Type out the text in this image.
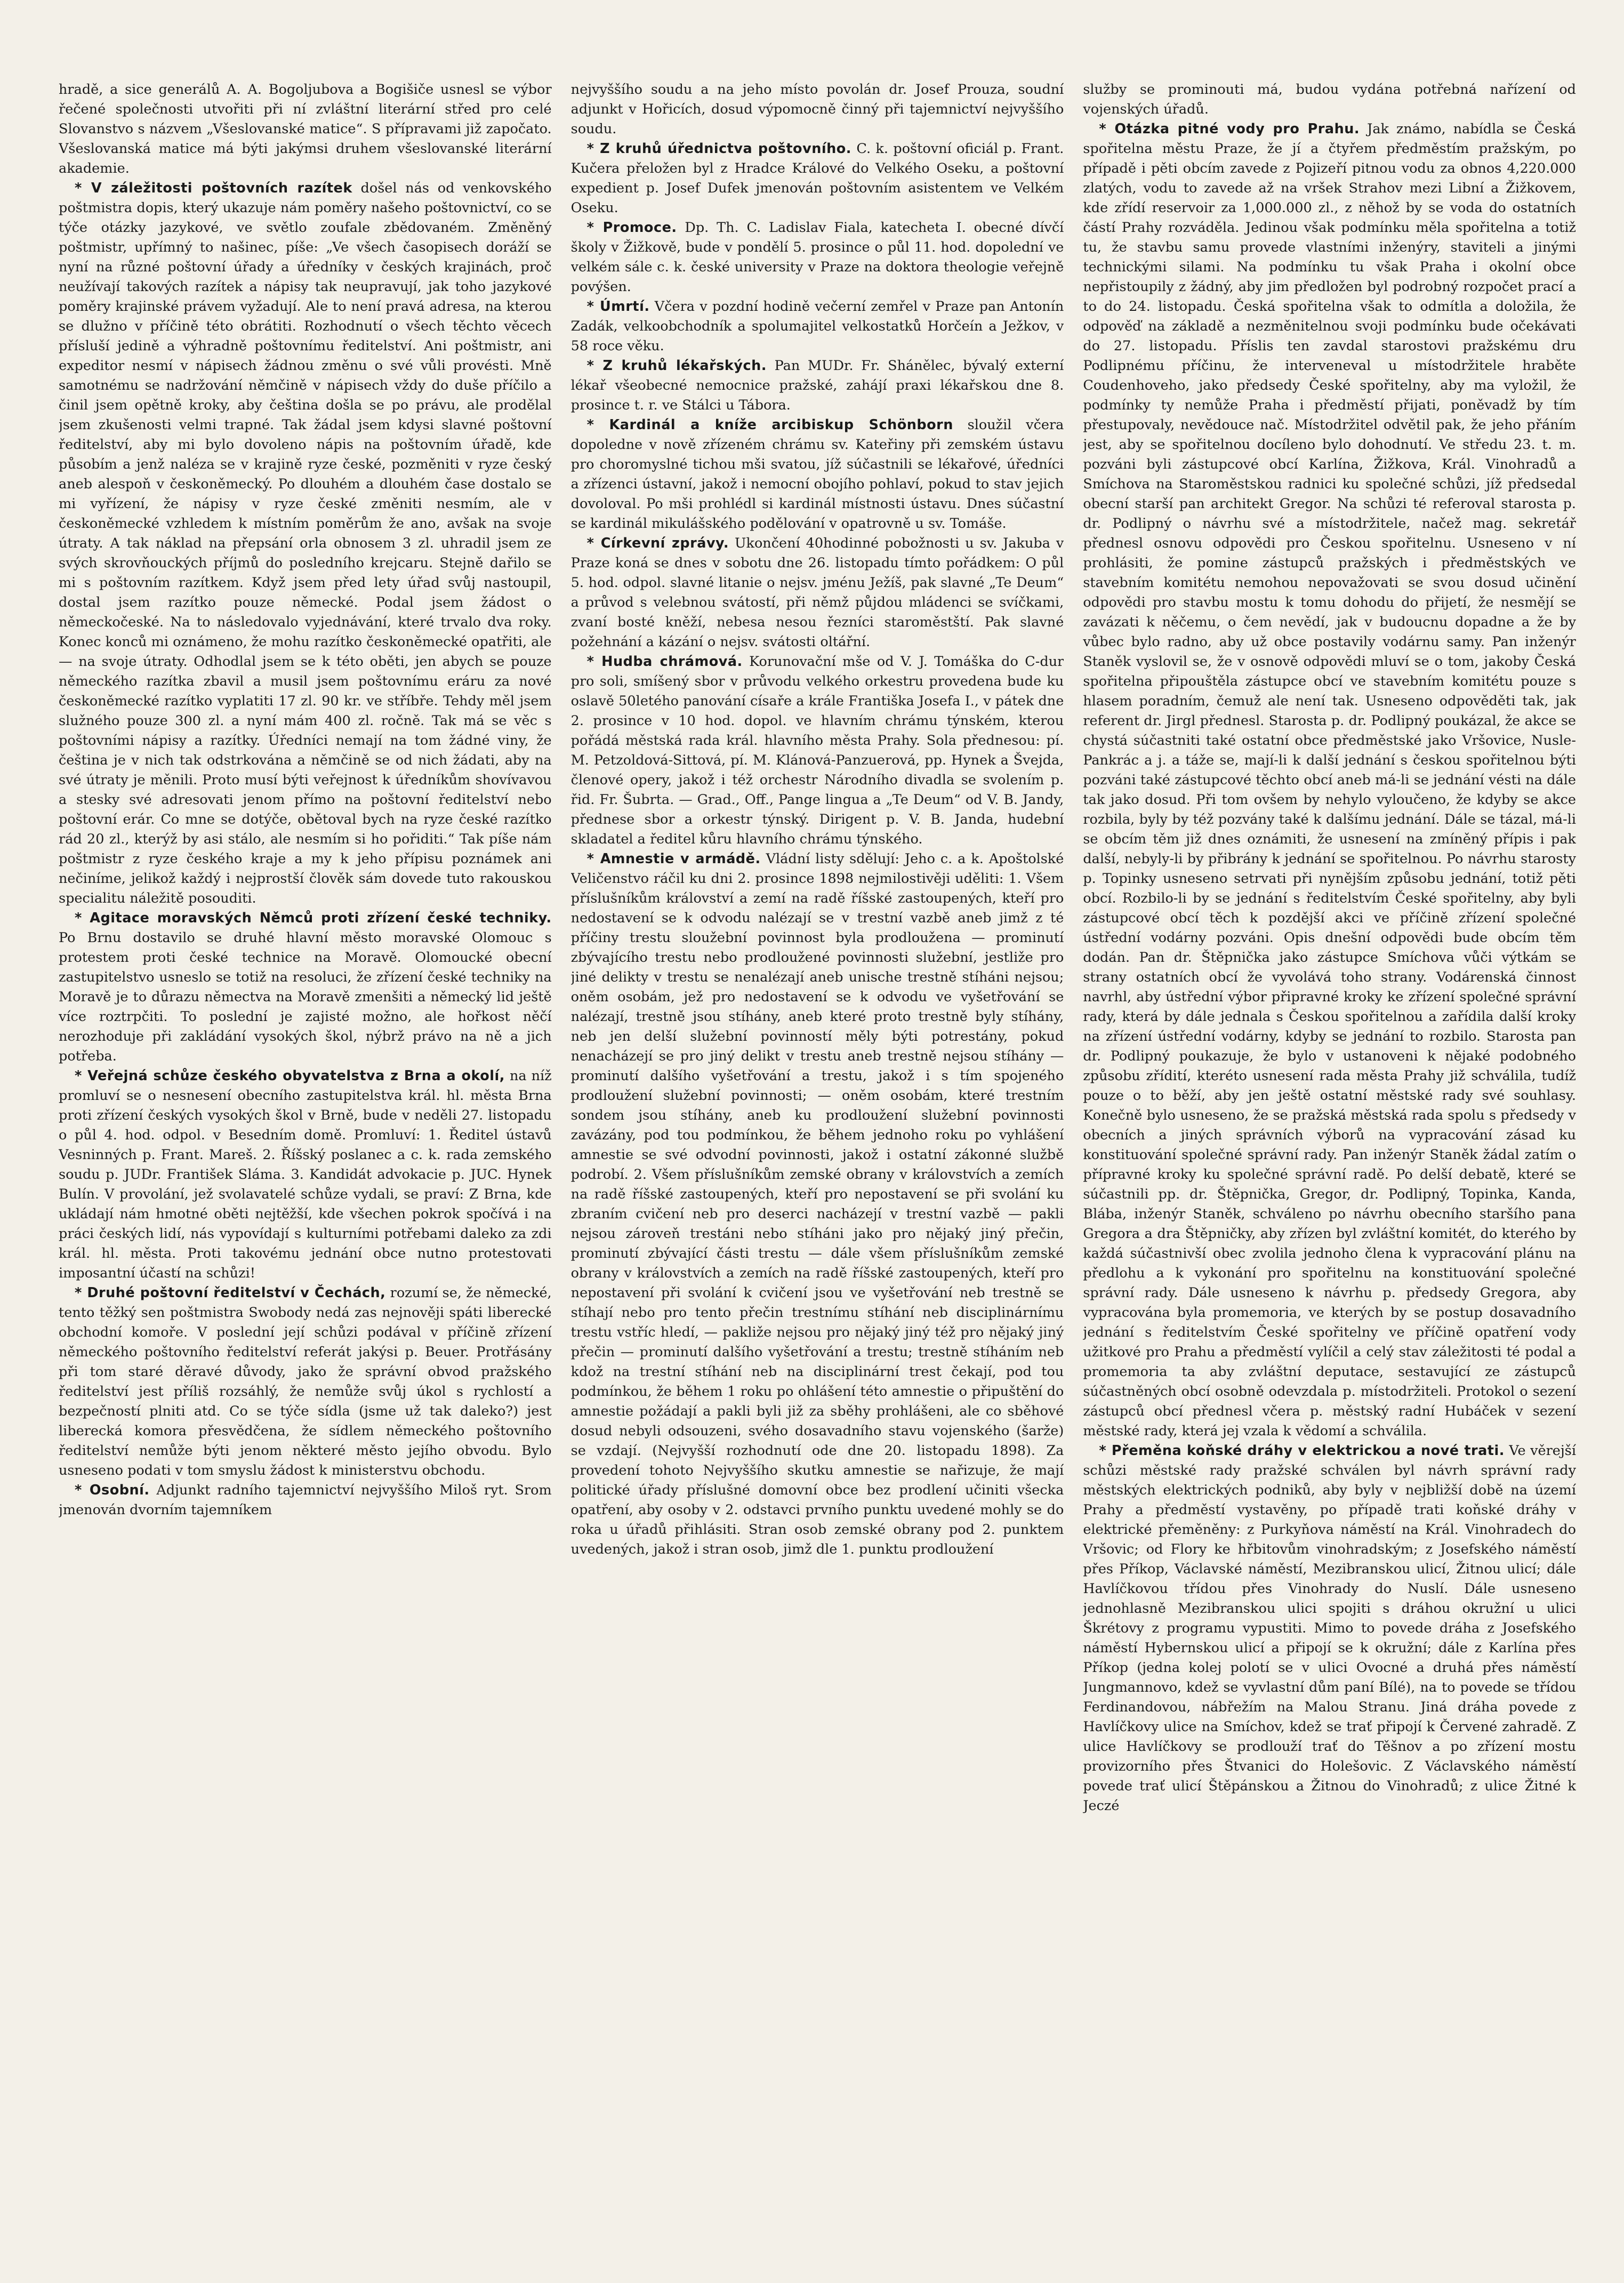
hradě, a sice generálů A. A. Bogoljubova a Bogišiče usnesl se výbor řečené společnosti utvořiti při ní zvláštní literární střed pro celé Slovanstvo s názvem „Všeslovanské matice“. S přípravami již započato. Všeslovanská matice má býti jakýmsi druhem všeslovanské literární akademie.

* V záležitosti poštovních razítek došel nás od venkovského poštmistra dopis, který ukazuje nám poměry našeho poštovnictví, co se týče otázky jazykové, ve světlo zoufale zbědovaném. Změněný poštmistr, upřímný to našinec, píše: „Ve všech časopisech doráží se nyní na různé poštovní úřady a úředníky v českých krajinách, proč neužívají takových razítek a nápisy tak neupravují, jak toho jazykové poměry krajinské právem vyžadují. Ale to není pravá adresa, na kterou se dlužno v příčině této obrátiti. Rozhodnutí o všech těchto věcech přísluší jedině a výhradně poštovnímu ředitelství. Ani poštmistr, ani expeditor nesmí v nápisech žádnou změnu o své vůli provésti. Mně samotnému se nadržování němčině v nápisech vždy do duše příčilo a činil jsem opětně kroky, aby čeština došla se po právu, ale prodělal jsem zkušenosti velmi trapné. Tak žádal jsem kdysi slavné poštovní ředitelství, aby mi bylo dovoleno nápis na poštovním úřadě, kde působím a jenž naléza se v krajině ryze české, pozměniti v ryze český aneb alespoň v českoněmecký. Po dlouhém a dlouhém čase dostalo se mi vyřízení, že nápisy v ryze české změniti nesmím, ale v českoněmecké vzhledem k místním poměrům že ano, avšak na svoje útraty. A tak náklad na přepsání orla obnosem 3 zl. uhradil jsem ze svých skrovňouckých příjmů do posledního krejcaru. Stejně dařilo se mi s poštovním razítkem. Když jsem před lety úřad svůj nastoupil, dostal jsem razítko pouze německé. Podal jsem žádost o německočeské. Na to následovalo vyjednávání, které trvalo dva roky. Konec konců mi oznámeno, že mohu razítko českoněmecké opatřiti, ale — na svoje útraty. Odhodlal jsem se k této oběti, jen abych se pouze německého razítka zbavil a musil jsem poštovnímu eráru za nové českoněmecké razítko vyplatiti 17 zl. 90 kr. ve stříbře. Tehdy měl jsem služného pouze 300 zl. a nyní mám 400 zl. ročně. Tak má se věc s poštovními nápisy a razítky. Úředníci nemají na tom žádné viny, že čeština je v nich tak odstrkována a němčině se od nich žádati, aby na své útraty je měnili. Proto musí býti veřejnost k úředníkům shovívavou a stesky své adresovati jenom přímo na poštovní ředitelství nebo poštovní erár. Co mne se dotýče, obětoval bych na ryze české razítko rád 20 zl., kterýž by asi stálo, ale nesmím si ho pořiditi.“ Tak píše nám poštmistr z ryze českého kraje a my k jeho přípisu poznámek ani nečiníme, jelikož každý i nejprostší člověk sám dovede tuto rakouskou specialitu náležitě posouditi.

* Agitace moravských Němců proti zřízení české techniky. Po Brnu dostavilo se druhé hlavní město moravské Olomouc s protestem proti české technice na Moravě. Olomoucké obecní zastupitelstvo usneslo se totiž na resoluci, že zřízení české techniky na Moravě je to důrazu němectva na Moravě zmenšiti a německý lid ještě více roztrpčiti. To poslední je zajisté možno, ale hořkost něčí nerozhoduje při zakládání vysokých škol, nýbrž právo na ně a jich potřeba.

* Veřejná schůze českého obyvatelstva z Brna a okolí, na níž promluví se o nesnesení obecního zastupitelstva král. hl. města Brna proti zřízení českých vysokých škol v Brně, bude v neděli 27. listopadu o půl 4. hod. odpol. v Besedním domě. Promluví: 1. Ředitel ústavů Vesninných p. Frant. Mareš. 2. Říšský poslanec a c. k. rada zemského soudu p. JUDr. František Sláma. 3. Kandidát advokacie p. JUC. Hynek Bulín. V provolání, jež svolavatelé schůze vydali, se praví: Z Brna, kde ukládají nám hmotné oběti nejtěžší, kde všechen pokrok spočívá i na práci českých lidí, nás vypovídají s kulturními potřebami daleko za zdi král. hl. města. Proti takovému jednání obce nutno protestovati imposantní účastí na schůzi!

* Druhé poštovní ředitelství v Čechách, rozumí se, že německé, tento těžký sen poštmistra Swobody nedá zas nejnověji spáti liberecké obchodní komoře. V poslední její schůzi podával v příčině zřízení německého poštovního ředitelství referát jakýsi p. Beuer. Protřásány při tom staré děravé důvody, jako že správní obvod pražského ředitelství jest příliš rozsáhlý, že nemůže svůj úkol s rychlostí a bezpečností plniti atd. Co se týče sídla (jsme už tak daleko?) jest liberecká komora přesvědčena, že sídlem německého poštovního ředitelství nemůže býti jenom některé město jejího obvodu. Bylo usneseno podati v tom smyslu žádost k ministerstvu obchodu.

* Osobní. Adjunkt radního tajemnictví nejvyššího Miloš ryt. Srom jmenován dvorním tajemníkem

nejvyššího soudu a na jeho místo povolán dr. Josef Prouza, soudní adjunkt v Hořicích, dosud výpomocně činný při tajemnictví nejvyššího soudu.

* Z kruhů úřednictva poštovního. C. k. poštovní oficiál p. Frant. Kučera přeložen byl z Hradce Králové do Velkého Oseku, a poštovní expedient p. Josef Dufek jmenován poštovním asistentem ve Velkém Oseku.

* Promoce. Dp. Th. C. Ladislav Fiala, katecheta I. obecné dívčí školy v Žižkově, bude v pondělí 5. prosince o půl 11. hod. dopolední ve velkém sále c. k. české university v Praze na doktora theologie veřejně povýšen.

* Úmrtí. Včera v pozdní hodině večerní zemřel v Praze pan Antonín Zadák, velkoobchodník a spolumajitel velkostatků Horčeín a Ježkov, v 58 roce věku.

* Z kruhů lékařských. Pan MUDr. Fr. Shánělec, bývalý externí lékař všeobecné nemocnice pražské, zahájí praxi lékařskou dne 8. prosince t. r. ve Stálci u Tábora.

* Kardinál a kníže arcibiskup Schönborn sloužil včera dopoledne v nově zřízeném chrámu sv. Kateřiny při zemském ústavu pro choromyslné tichou mši svatou, jíž súčastnili se lékařové, úředníci a zřízenci ústavní, jakož i nemocní obojího pohlaví, pokud to stav jejich dovoloval. Po mši prohlédl si kardinál místnosti ústavu. Dnes súčastní se kardinál mikulášského podělování v opatrovně u sv. Tomáše.

* Církevní zprávy. Ukončení 40hodinné pobožnosti u sv. Jakuba v Praze koná se dnes v sobotu dne 26. listopadu tímto pořádkem: O půl 5. hod. odpol. slavné litanie o nejsv. jménu Ježíš, pak slavné „Te Deum“ a průvod s velebnou svátostí, při němž půjdou mládenci se svíčkami, zvaní bosté kněží, nebesa nesou řezníci staroměstští. Pak slavné požehnání a kázání o nejsv. svátosti oltářní.

* Hudba chrámová. Korunovační mše od V. J. Tomáška do C-dur pro soli, smíšený sbor v průvodu velkého orkestru provedena bude ku oslavě 50letého panování císaře a krále Františka Josefa I., v pátek dne 2. prosince v 10 hod. dopol. ve hlavním chrámu týnském, kterou pořádá městská rada král. hlavního města Prahy. Sola přednesou: pí. M. Petzoldová-Sittová, pí. M. Klánová-Panzuerová, pp. Hynek a Švejda, členové opery, jakož i též orchestr Národního divadla se svolením p. řid. Fr. Šubrta. — Grad., Off., Pange lingua a „Te Deum“ od V. B. Jandy, přednese sbor a orkestr týnský. Dirigent p. V. B. Janda, hudební skladatel a ředitel kůru hlavního chrámu týnského.

* Amnestie v armádě. Vládní listy sdělují: Jeho c. a k. Apoštolské Veličenstvo ráčil ku dni 2. prosince 1898 nejmilostivěji uděliti: 1. Všem příslušníkům království a zemí na radě říšské zastoupených, kteří pro nedostavení se k odvodu nalézají se v trestní vazbě aneb jimž z té příčiny trestu sloužební povinnost byla prodloužena — prominutí zbývajícího trestu nebo prodloužené povinnosti služební, jestliže pro jiné delikty v trestu se nenalézají aneb unische trestně stíháni nejsou; oněm osobám, jež pro nedostavení se k odvodu ve vyšetřování se nalézají, trestně jsou stíhány, aneb které proto trestně byly stíhány, neb jen delší služební povinností měly býti potrestány, pokud nenacházejí se pro jiný delikt v trestu aneb trestně nejsou stíhány — prominutí dalšího vyšetřování a trestu, jakož i s tím spojeného prodloužení služební povinnosti; — oněm osobám, které trestním sondem jsou stíhány, aneb ku prodloužení služební povinnosti zavázány, pod tou podmínkou, že během jednoho roku po vyhlášení amnestie se své odvodní povinnosti, jakož i ostatní zákonné službě podrobí. 2. Všem příslušníkům zemské obrany v královstvích a zemích na radě říšské zastoupených, kteří pro nepostavení se při svolání ku zbraním cvičení neb pro deserci nacházejí v trestní vazbě — pakli nejsou zároveň trestáni nebo stíháni jako pro nějaký jiný přečin, prominutí zbývající části trestu — dále všem příslušníkům zemské obrany v královstvích a zemích na radě říšské zastoupených, kteří pro nepostavení při svolání k cvičení jsou ve vyšetřování neb trestně se stíhají nebo pro tento přečin trestnímu stíhání neb disciplinárnímu trestu vstříc hledí, — pakliže nejsou pro nějaký jiný též pro nějaký jiný přečin — prominutí dalšího vyšetřování a trestu; trestně stíháním neb kdož na trestní stíhání neb na disciplinární trest čekají, pod tou podmínkou, že během 1 roku po ohlášení této amnestie o připuštění do amnestie požádají a pakli byli již za sběhy prohlášeni, ale co sběhové dosud nebyli odsouzeni, svého dosavadního stavu vojenského (šarže) se vzdají. (Nejvyšší rozhodnutí ode dne 20. listopadu 1898). Za provedení tohoto Nejvyššího skutku amnestie se nařizuje, že mají politické úřady příslušné domovní obce bez prodlení učiniti všecka opatření, aby osoby v 2. odstavci prvního punktu uvedené mohly se do roka u úřadů přihlásiti. Stran osob zemské obrany pod 2. punktem uvedených, jakož i stran osob, jimž dle 1. punktu prodloužení

služby se prominouti má, budou vydána potřebná nařízení od vojenských úřadů.

* Otázka pitné vody pro Prahu. Jak známo, nabídla se Česká spořitelna městu Praze, že jí a čtyřem předměstím pražským, po případě i pěti obcím zavede z Pojizeří pitnou vodu za obnos 4,220.000 zlatých, vodu to zavede až na vršek Strahov mezi Libní a Žižkovem, kde zřídí reservoir za 1,000.000 zl., z něhož by se voda do ostatních částí Prahy rozváděla. Jedinou však podmínku měla spořitelna a totiž tu, že stavbu samu provede vlastními inženýry, staviteli a jinými technickými silami. Na podmínku tu však Praha i okolní obce nepřistoupily z žádný, aby jim předložen byl podrobný rozpočet prací a to do 24. listopadu. Česká spořitelna však to odmítla a doložila, že odpověď na základě a nezměnitelnou svoji podmínku bude očekávati do 27. listopadu. Příslis ten zavdal starostovi pražskému dru Podlipnému příčinu, že interveneval u místodržitele hraběte Coudenhoveho, jako předsedy České spořitelny, aby ma vyložil, že podmínky ty nemůže Praha i předměstí přijati, poněvadž by tím přestupovaly, nevědouce nač. Místodržitel odvětil pak, že jeho přáním jest, aby se spořitelnou docíleno bylo dohodnutí. Ve středu 23. t. m. pozváni byli zástupcové obcí Karlína, Žižkova, Král. Vinohradů a Smíchova na Staroměstskou radnici ku společné schůzi, jíž předsedal obecní starší pan architekt Gregor. Na schůzi té referoval starosta p. dr. Podlipný o návrhu své a místodržitele, načež mag. sekretář přednesl osnovu odpovědi pro Českou spořitelnu. Usneseno v ní prohlásiti, že pomine zástupců pražských i předměstských ve stavebním komitétu nemohou nepovažovati se svou dosud učinění odpovědi pro stavbu mostu k tomu dohodu do přijetí, že nesmějí se zavázati k něčemu, o čem nevědí, jak v budoucnu dopadne a že by vůbec bylo radno, aby už obce postavily vodárnu samy. Pan inženýr Staněk vyslovil se, že v osnově odpovědi mluví se o tom, jakoby Česká spořitelna připouštěla zástupce obcí ve stavebním komitétu pouze s hlasem poradním, čemuž ale není tak. Usneseno odpověděti tak, jak referent dr. Jirgl přednesl. Starosta p. dr. Podlipný poukázal, že akce se chystá súčastniti také ostatní obce předměstské jako Vršovice, Nusle-Pankrác a j. a táže se, mají-li k další jednání s českou spořitelnou býti pozváni také zástupcové těchto obcí aneb má-li se jednání vésti na dále tak jako dosud. Při tom ovšem by nehylo vyloučeno, že kdyby se akce rozbila, byly by též pozvány také k dalšímu jednání. Dále se tázal, má-li se obcím těm již dnes oznámiti, že usnesení na zmíněný přípis i pak další, nebyly-li by přibrány k jednání se spořitelnou. Po návrhu starosty p. Topinky usneseno setrvati při nynějším způsobu jednání, totiž pěti obcí. Rozbilo-li by se jednání s ředitelstvím České spořitelny, aby byli zástupcové obcí těch k pozdější akci ve příčině zřízení společné ústřední vodárny pozváni. Opis dnešní odpovědi bude obcím těm dodán. Pan dr. Štěpnička jako zástupce Smíchova vůči výtkám se strany ostatních obcí že vyvolává toho strany. Vodárenská činnost navrhl, aby ústřední výbor připravné kroky ke zřízení společné správní rady, která by dále jednala s Českou spořitelnou a zařídila další kroky na zřízení ústřední vodárny, kdyby se jednání to rozbilo. Starosta pan dr. Podlipný poukazuje, že bylo v ustanoveni k nějaké podobného způsobu zřídití, kteréto usnesení rada města Prahy již schválila, tudíž pouze o to běží, aby jen ještě ostatní městské rady své souhlasy. Konečně bylo usneseno, že se pražská městská rada spolu s předsedy v obecních a jiných správních výborů na vypracování zásad ku konstituování společné správní rady. Pan inženýr Staněk žádal zatím o přípravné kroky ku společné správní radě. Po delší debatě, které se súčastnili pp. dr. Štěpnička, Gregor, dr. Podlipný, Topinka, Kanda, Blába, inženýr Staněk, schváleno po návrhu obecního staršího pana Gregora a dra Štěpničky, aby zřízen byl zvláštní komitét, do kterého by každá súčastnivší obec zvolila jednoho člena k vypracování plánu na předlohu a k vykonání pro spořitelnu na konstituování společné správní rady. Dále usneseno k návrhu p. předsedy Gregora, aby vypracována byla promemoria, ve kterých by se postup dosavadního jednání s ředitelstvím České spořitelny ve příčině opatření vody užitkové pro Prahu a předměstí vylíčil a celý stav záležitosti té podal a promemoria ta aby zvláštní deputace, sestavující ze zástupců súčastněných obcí osobně odevzdala p. místodržiteli. Protokol o sezení zástupců obcí přednesl včera p. městský radní Hubáček v sezení městské rady, která jej vzala k vědomí a schválila.

* Přeměna koňské dráhy v elektrickou a nové trati. Ve věrejší schůzi městské rady pražské schválen byl návrh správní rady městských elektrických podniků, aby byly v nejbližší době na území Prahy a předměstí vystavěny, po případě trati koňské dráhy v elektrické přeměněny: z Purkyňova náměstí na Král. Vinohradech do Vršovic; od Flory ke hřbitovům vinohradským; z Josefského náměstí přes Příkop, Václavské náměstí, Mezibranskou ulicí, Žitnou ulicí; dále Havlíčkovou třídou přes Vinohrady do Nuslí. Dále usneseno jednohlasně Mezibranskou ulici spojiti s dráhou okružní u ulici Škrétovy z programu vypustiti. Mimo to povede dráha z Josefského náměstí Hybernskou ulicí a připojí se k okružní; dále z Karlína přes Příkop (jedna kolej polotí se v ulici Ovocné a druhá přes náměstí Jungmannovo, kdež se vyvlastní dům paní Bílé), na to povede se třídou Ferdinandovou, nábřežím na Malou Stranu. Jiná dráha povede z Havlíčkovy ulice na Smíchov, kdež se trať připojí k Červené zahradě. Z ulice Havlíčkovy se prodlouží trať do Těšnov a po zřízení mostu provizorního přes Štvanici do Holešovic. Z Václavského náměstí povede trať ulicí Štěpánskou a Žitnou do Vinohradů; z ulice Žitné k Jeczé
